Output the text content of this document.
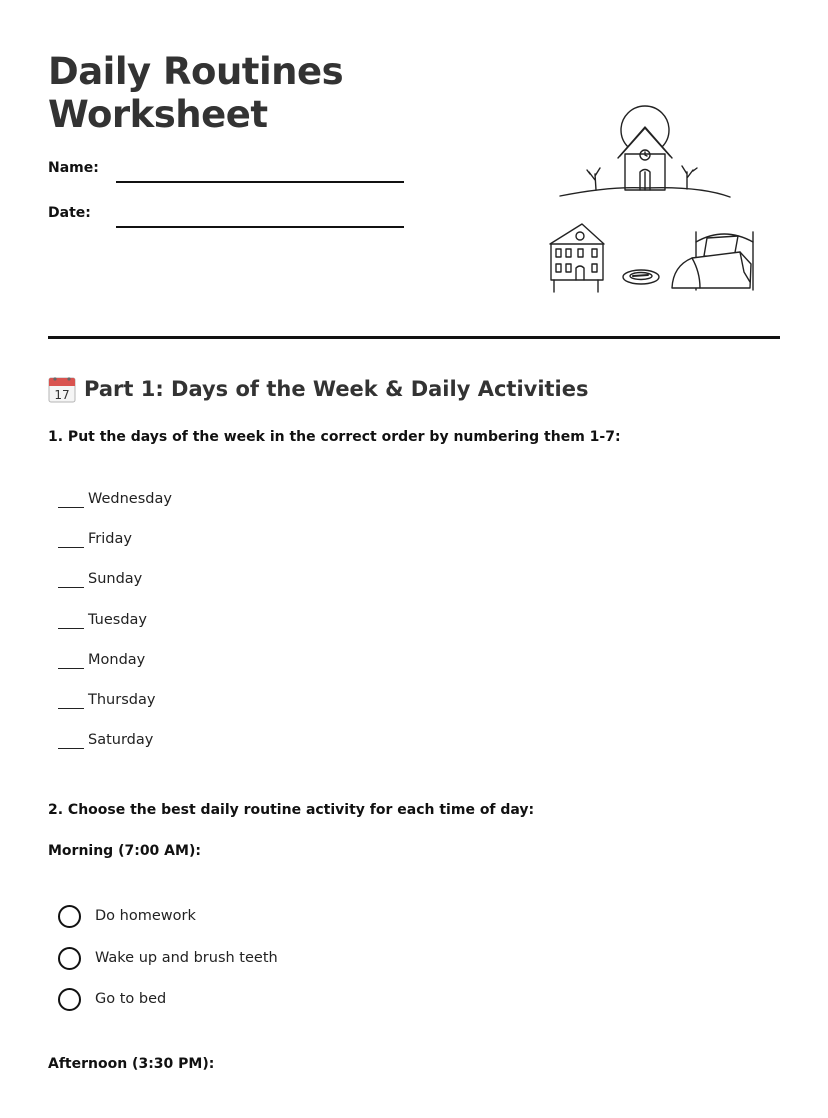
Daily Routines
Worksheet
Name:
Date:
17 Part 1: Days of the Week & Daily Activities
1. Put the days of the week in the correct order by numbering them 1-7:
Wednesday
Friday
Sunday
Tuesday
Monday
Thursday
Saturday
2. Choose the best daily routine activity for each time of day:
Morning (7:00 AM):
Do homework
Wake up and brush teeth
Go to bed
Afternoon (3:30 PM):
